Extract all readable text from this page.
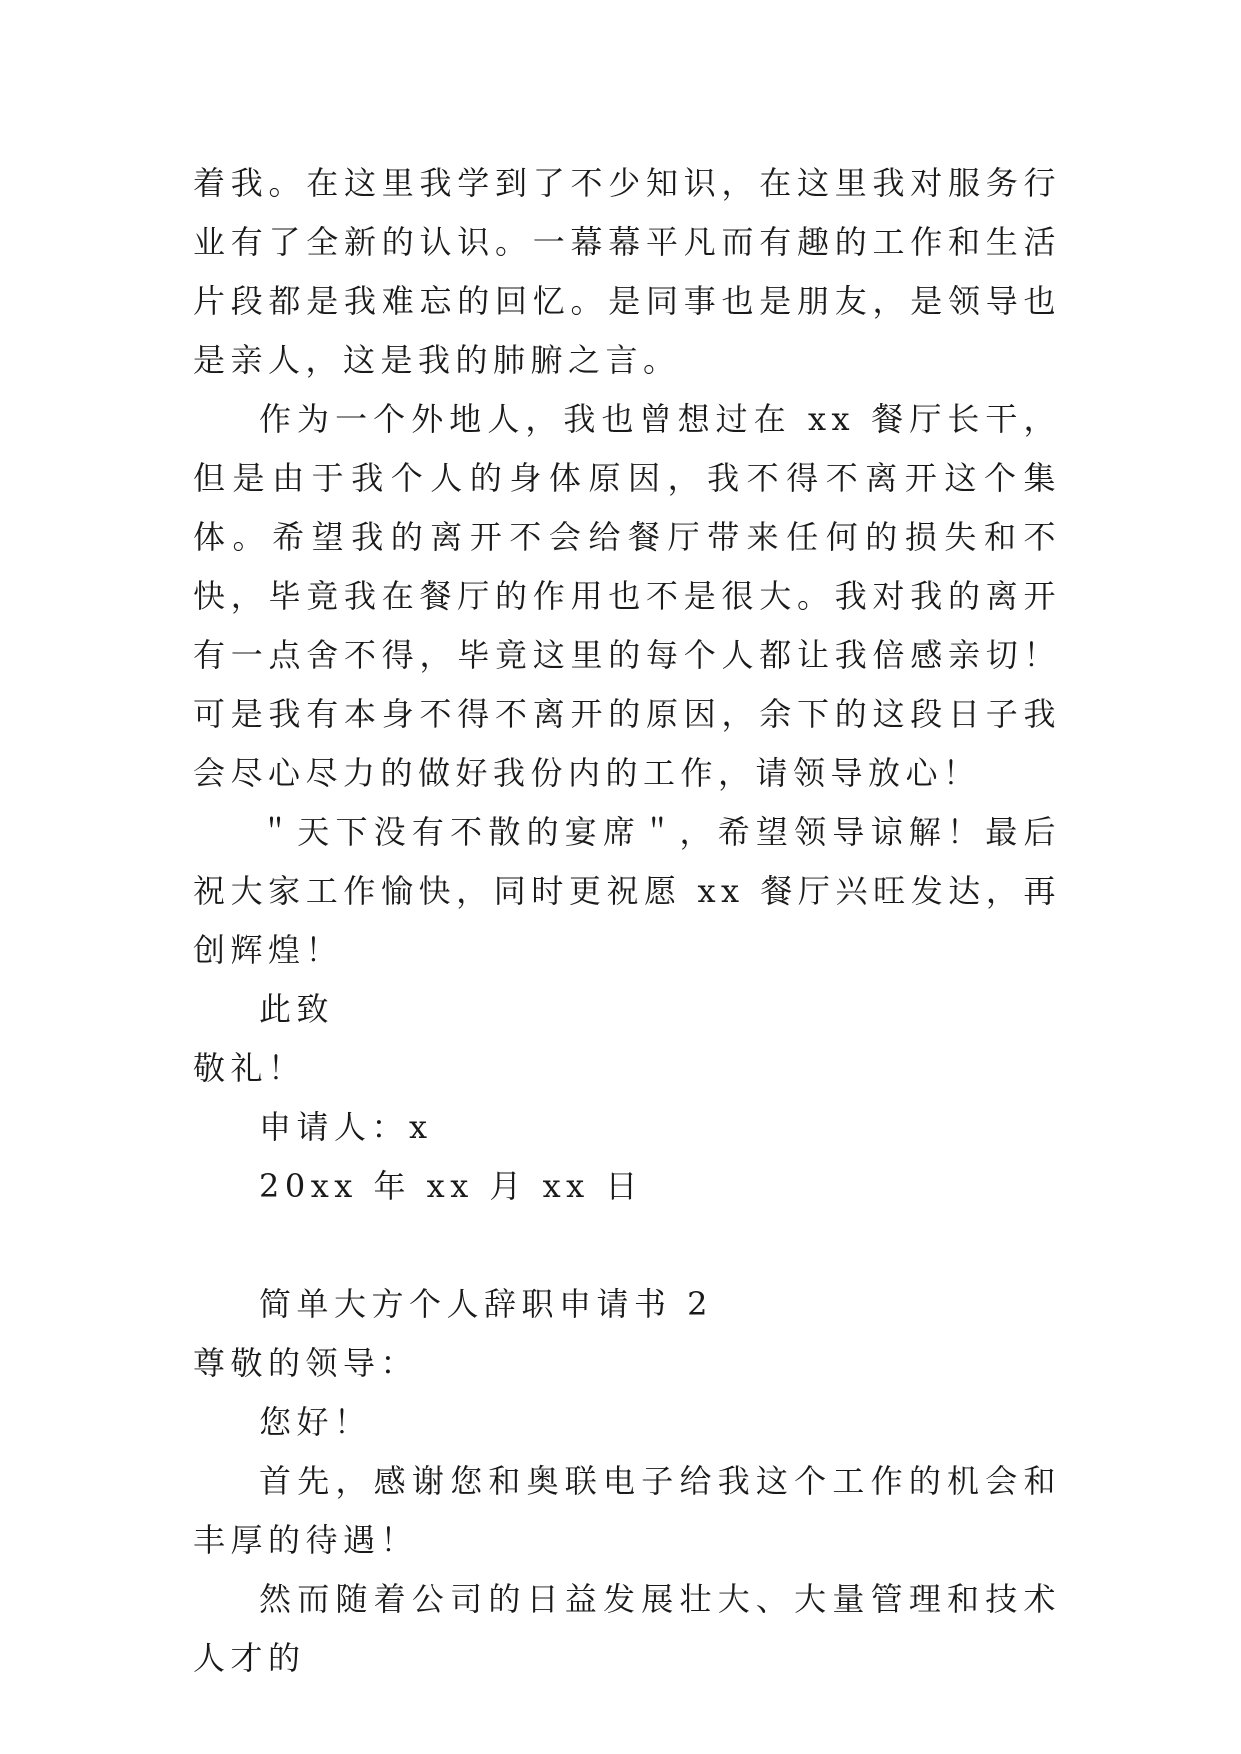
着我。在这里我学到了不少知识，在这里我对服务行业有了全新的认识。一幕幕平凡而有趣的工作和生活片段都是我难忘的回忆。是同事也是朋友，是领导也是亲人，这是我的肺腑之言。

作为一个外地人，我也曾想过在 xx 餐厅长干，但是由于我个人的身体原因，我不得不离开这个集体。希望我的离开不会给餐厅带来任何的损失和不快，毕竟我在餐厅的作用也不是很大。我对我的离开有一点舍不得，毕竟这里的每个人都让我倍感亲切！可是我有本身不得不离开的原因，余下的这段日子我会尽心尽力的做好我份内的工作，请领导放心！

＂天下没有不散的宴席＂，希望领导谅解！最后祝大家工作愉快，同时更祝愿 xx 餐厅兴旺发达，再创辉煌！

此致

敬礼！

申请人：x

20xx 年 xx 月 xx 日

简单大方个人辞职申请书 2

尊敬的领导：

您好！

首先，感谢您和奥联电子给我这个工作的机会和丰厚的待遇！

然而随着公司的日益发展壮大、大量管理和技术人才的
